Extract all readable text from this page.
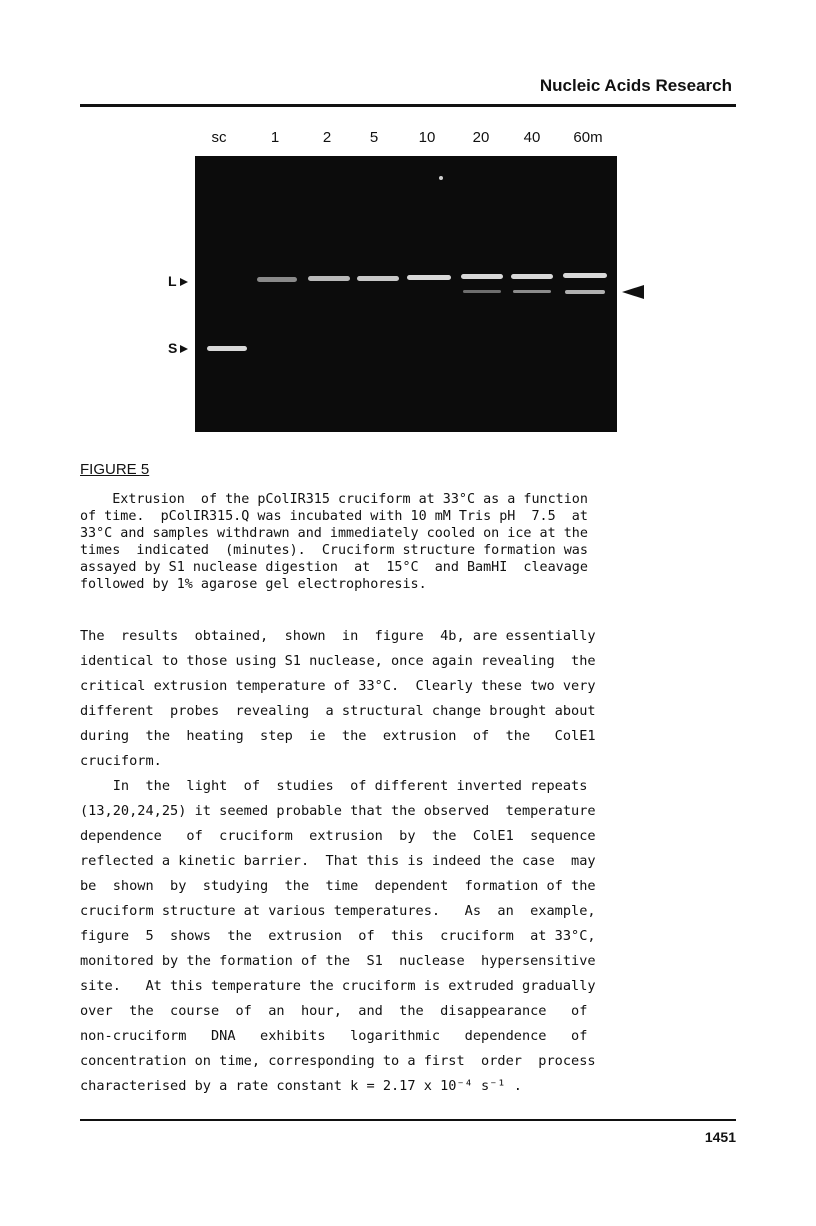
Nucleic Acids Research
sc	1	2	5	10 20 40 60m
L
S
FIGURE 5
Extrusion  of the pColIR315 cruciform at 33°C as a function
of time.  pColIR315.Q was incubated with 10 mM Tris pH  7.5  at
33°C and samples withdrawn and immediately cooled on ice at the
times  indicated  (minutes).  Cruciform structure formation was
assayed by S1 nuclease digestion  at  15°C  and BamHI  cleavage
followed by 1% agarose gel electrophoresis.
The  results  obtained,  shown  in  figure  4b, are essentially
identical to those using S1 nuclease, once again revealing  the
critical extrusion temperature of 33°C.  Clearly these two very
different  probes  revealing  a structural change brought about
during  the  heating  step  ie  the  extrusion  of  the   ColE1
cruciform.
In  the  light  of  studies  of different inverted repeats
(13,20,24,25) it seemed probable that the observed  temperature
dependence   of  cruciform  extrusion  by  the  ColE1  sequence
reflected a kinetic barrier.  That this is indeed the case  may
be  shown  by  studying  the  time  dependent  formation of the
cruciform structure at various temperatures.   As  an  example,
figure  5  shows  the  extrusion  of  this  cruciform  at 33°C,
monitored by the formation of the  S1  nuclease  hypersensitive
site.   At this temperature the cruciform is extruded gradually
over  the  course  of  an  hour,  and  the  disappearance   of
non-cruciform   DNA   exhibits   logarithmic   dependence   of
concentration on time, corresponding to a first  order  process
characterised by a rate constant k = 2.17 x 10⁻⁴ s⁻¹ .
1451
